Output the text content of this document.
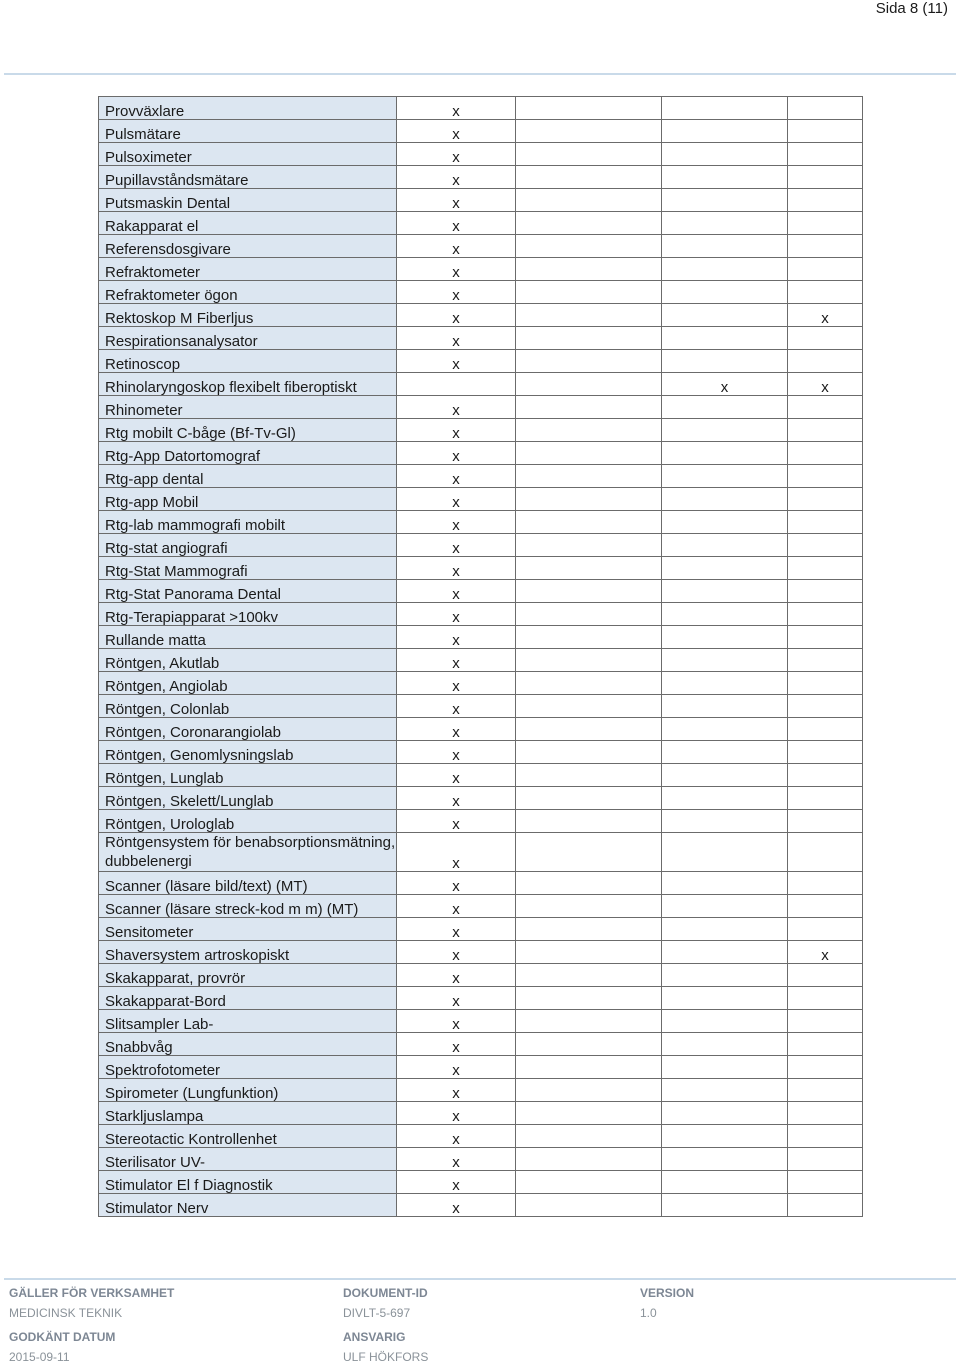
Sida 8 (11)
Provväxlare	x				
Pulsmätare	x				
Pulsoximeter	x				
Pupillavståndsmätare	x				
Putsmaskin Dental	x				
Rakapparat el	x				
Referensdosgivare	x				
Refraktometer	x				
Refraktometer ögon	x				
Rektoskop M Fiberljus	x			x	
Respirationsanalysator	x				
Retinoscop	x				
Rhinolaryngoskop flexibelt fiberoptiskt			x	x	
Rhinometer	x				
Rtg mobilt C-båge (Bf-Tv-Gl)	x				
Rtg-App Datortomograf	x				
Rtg-app dental	x				
Rtg-app Mobil	x				
Rtg-lab mammografi mobilt	x				
Rtg-stat angiografi	x				
Rtg-Stat Mammografi	x				
Rtg-Stat Panorama Dental	x				
Rtg-Terapiapparat >100kv	x				
Rullande matta	x				
Röntgen, Akutlab	x				
Röntgen, Angiolab	x				
Röntgen, Colonlab	x				
Röntgen, Coronarangiolab	x				
Röntgen, Genomlysningslab	x				
Röntgen, Lunglab	x				
Röntgen, Skelett/Lunglab	x				
Röntgen, Urologlab	x				
Röntgensystem för benabsorptionsmätning, dubbelenergi	x				
Scanner (läsare bild/text) (MT)	x				
Scanner (läsare streck-kod m m) (MT)	x				
Sensitometer	x				
Shaversystem artroskopiskt	x			x	
Skakapparat, provrör	x				
Skakapparat-Bord	x				
Slitsampler Lab-	x				
Snabbvåg	x				
Spektrofotometer	x				
Spirometer (Lungfunktion)	x				
Starkljuslampa	x				
Stereotactic Kontrollenhet	x				
Sterilisator UV-	x				
Stimulator El f Diagnostik	x				
Stimulator Nerv	x				
GÄLLER FÖR VERKSAMHET
MEDICINSK TEKNIK
DOKUMENT-ID
DIVLT-5-697
VERSION
1.0
GODKÄNT DATUM
2015-09-11
ANSVARIG
ULF HÖKFORS
